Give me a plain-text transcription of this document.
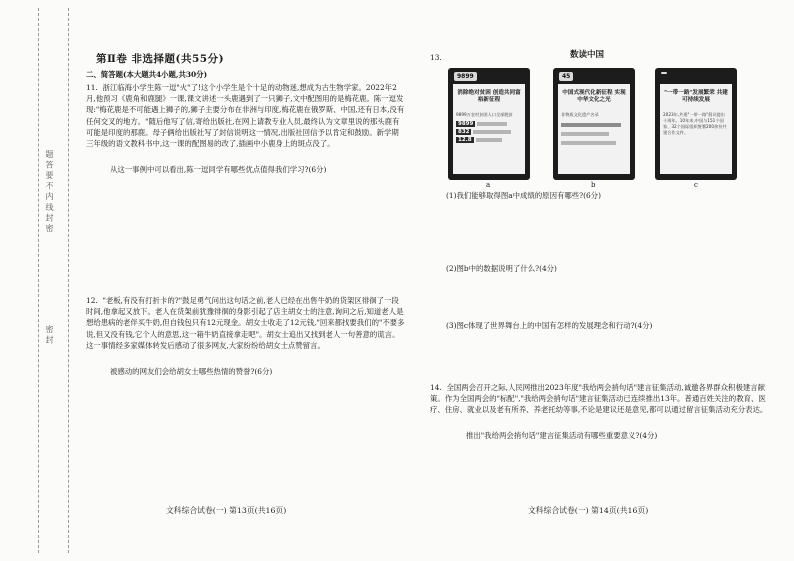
题 答 要 不 内 线 封 密
密 封
第Ⅱ卷 非选择题(共55分)
二、简答题(本大题共4小题,共30分)
11. 浙江临海小学生陈一逗"火"了!这个小学生是个十足的动物迷,想成为古生物学家。2022年2月,他预习《鹿角和鹿腿》一课,课文讲述一头鹿遇到了一只狮子,文中配图用的是梅花鹿。陈一逗发现:"梅花鹿是不可能遇上狮子的,狮子主要分布在非洲与印度,梅花鹿在俄罗斯、中国,还有日本,没有任何交叉的地方。"随后他写了信,寄给出版社,在网上请教专业人员,最终认为文章里说的那头鹿有可能是印度的那鹿。母子俩给出版社写了封信说明这一情况,出版社回信予以肯定和鼓励。新学期三年级的语文教科书中,这一课的配图易的改了,插画中小鹿身上的斑点没了。
从这一事例中可以看出,陈一逗同学有哪些优点值得我们学习?(6分)
12. "老板,有没有打折卡的?"鼓足勇气问出这句话之前,老人已经在出售牛奶的货架区徘徊了一段时间,他拿起又放下。老人在货架前犹豫徘徊的身影引起了店主胡女士的注意,询问之后,知道老人是想给患病的老伴买牛奶,但自钱包只有12元现金。胡女士收走了12元钱,"回来都找要我们的"不要多说,但又没有钱,它个人的意思,这一箱牛奶直接拿走吧"。胡女士追出又找到老人一句善意的谎言。这一事情经多家媒体转发后感动了很多网友,大家纷纷给胡女士点赞留言。
被感动的网友们会给胡女士哪些热情的赞誉?(6分)
文科综合试卷(一) 第13页(共16页)
13.	数读中国
9899
消除绝对贫困 创造共同富裕新征程
9899万农村贫困人口全部脱贫
9899
832
12.8
45
中国式现代化新征程 实现中华文化之光
非物质文化遗产名录
"一带一路"发展繁荣 共建可持续发展
2023年,共建"一带一路"倡议提出十周年。10年来,中国与151个国家、32个国际组织签署200余份共建合作文件。
a	b	c
(1)我们能够取得图a中成绩的原因有哪些?(6分)
(2)图b中的数据说明了什么?(4分)
(3)图c体现了世界舞台上的中国有怎样的发展理念和行动?(4分)
14. 全国两会召开之际,人民网推出2023年度"我给两会捎句话"建言征集活动,诚邀各界群众积极建言献策。作为全国两会的"标配","我给两会捎句话"建言征集活动已连续推出13年。普通百姓关注的教育、医疗、住房、就业以及老有所养、养老托幼等事,不论是建议还是意见,都可以通过留言征集活动充分表达。
推出"我给两会捎句话"建言征集活动有哪些重要意义?(4分)
文科综合试卷(一) 第14页(共16页)
